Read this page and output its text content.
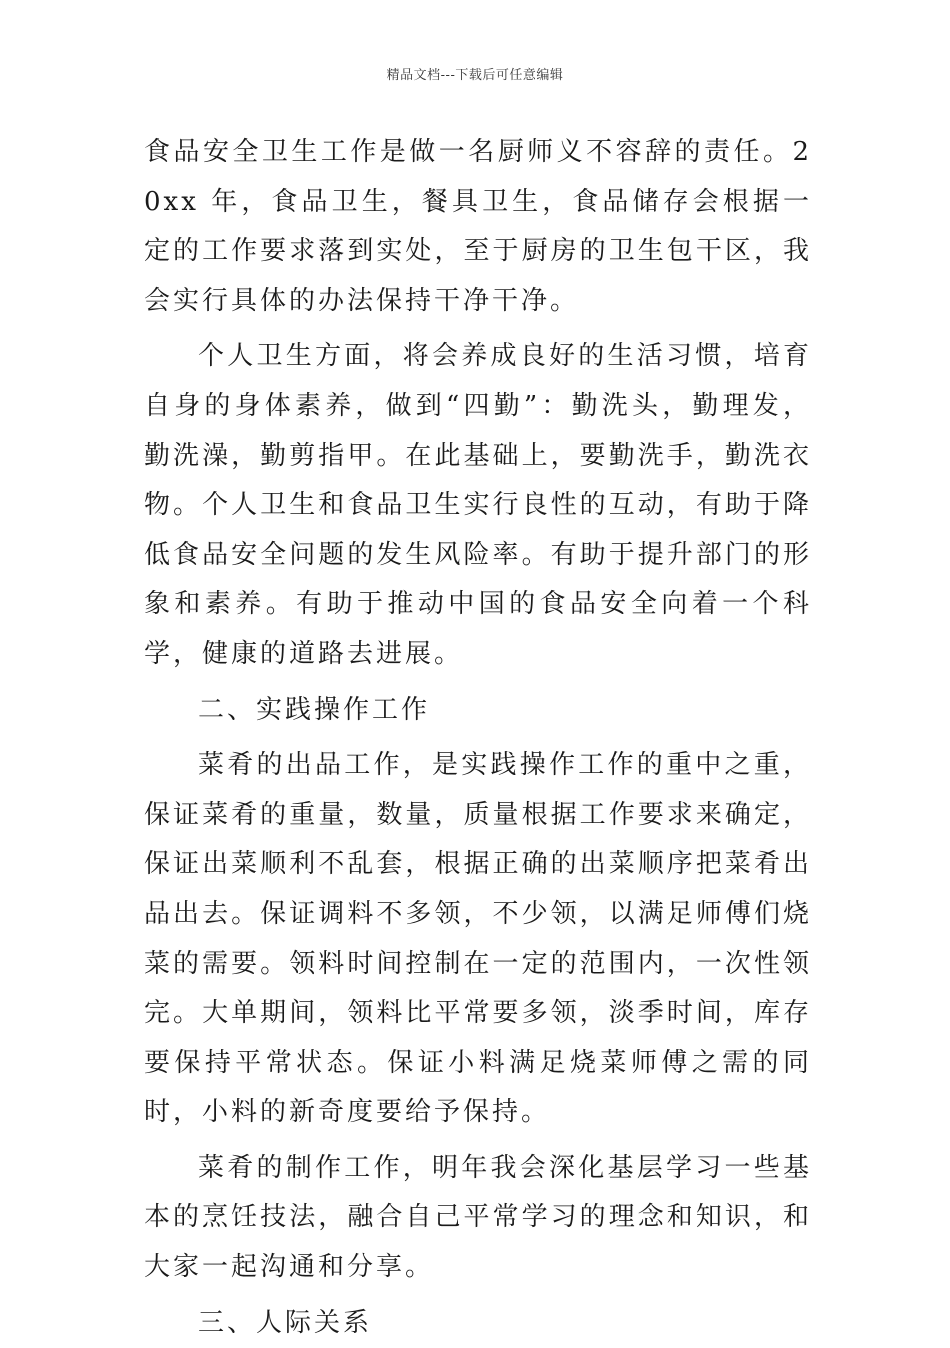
精品文档---下载后可任意编辑

食品安全卫生工作是做一名厨师义不容辞的责任。20xx 年，食品卫生，餐具卫生，食品储存会根据一定的工作要求落到实处，至于厨房的卫生包干区，我会实行具体的办法保持干净干净。

个人卫生方面，将会养成良好的生活习惯，培育自身的身体素养，做到“四勤”：勤洗头，勤理发，勤洗澡，勤剪指甲。在此基础上，要勤洗手，勤洗衣物。个人卫生和食品卫生实行良性的互动，有助于降低食品安全问题的发生风险率。有助于提升部门的形象和素养。有助于推动中国的食品安全向着一个科学，健康的道路去进展。

二、实践操作工作

菜肴的出品工作，是实践操作工作的重中之重，保证菜肴的重量，数量，质量根据工作要求来确定，保证出菜顺利不乱套，根据正确的出菜顺序把菜肴出品出去。保证调料不多领，不少领，以满足师傅们烧菜的需要。领料时间控制在一定的范围内，一次性领完。大单期间，领料比平常要多领，淡季时间，库存要保持平常状态。保证小料满足烧菜师傅之需的同时，小料的新奇度要给予保持。

菜肴的制作工作，明年我会深化基层学习一些基本的烹饪技法，融合自己平常学习的理念和知识，和大家一起沟通和分享。

三、人际关系
